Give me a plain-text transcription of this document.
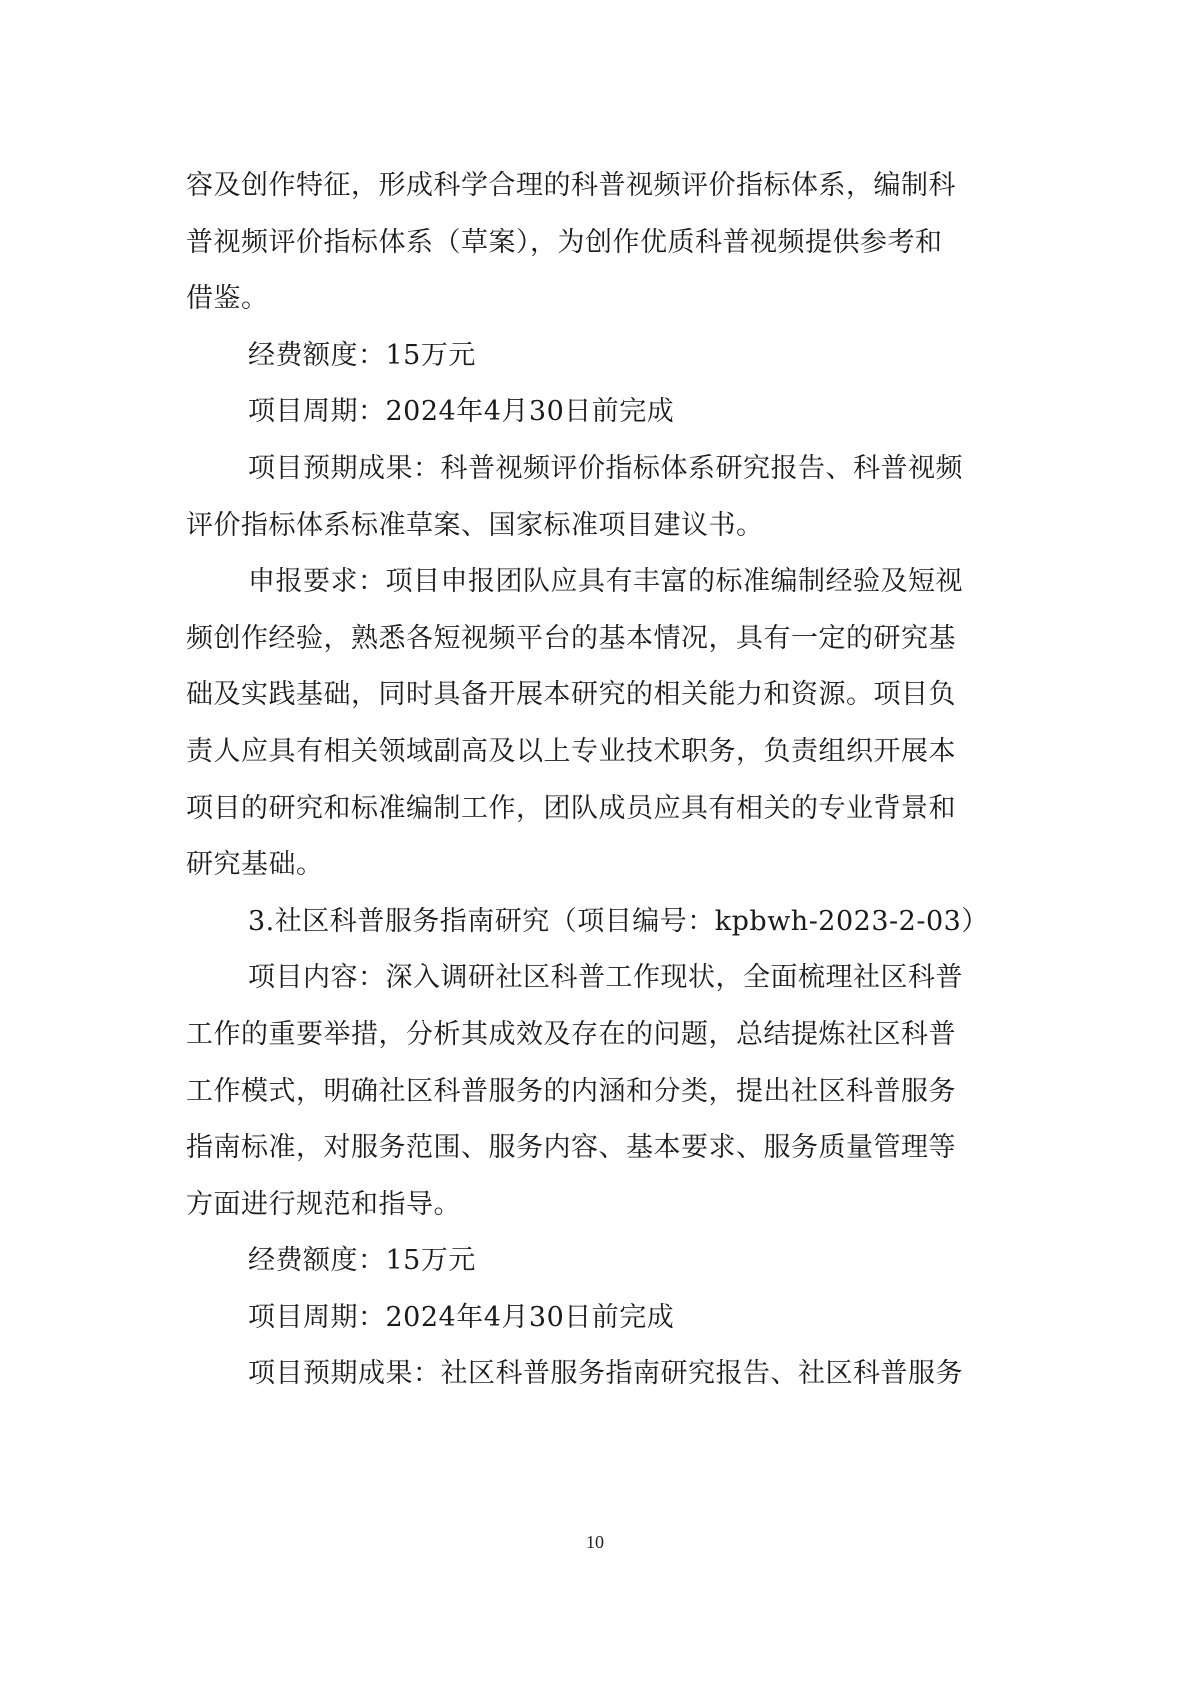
容及创作特征，形成科学合理的科普视频评价指标体系，编制科
普视频评价指标体系（草案），为创作优质科普视频提供参考和
借鉴。
经费额度：15万元
项目周期：2024年4月30日前完成
项目预期成果：科普视频评价指标体系研究报告、科普视频
评价指标体系标准草案、国家标准项目建议书。
申报要求：项目申报团队应具有丰富的标准编制经验及短视
频创作经验，熟悉各短视频平台的基本情况，具有一定的研究基
础及实践基础，同时具备开展本研究的相关能力和资源。项目负
责人应具有相关领域副高及以上专业技术职务，负责组织开展本
项目的研究和标准编制工作，团队成员应具有相关的专业背景和
研究基础。
3.社区科普服务指南研究（项目编号：kpbwh-2023-2-03）
项目内容：深入调研社区科普工作现状，全面梳理社区科普
工作的重要举措，分析其成效及存在的问题，总结提炼社区科普
工作模式，明确社区科普服务的内涵和分类，提出社区科普服务
指南标准，对服务范围、服务内容、基本要求、服务质量管理等
方面进行规范和指导。
经费额度：15万元
项目周期：2024年4月30日前完成
项目预期成果：社区科普服务指南研究报告、社区科普服务
10
